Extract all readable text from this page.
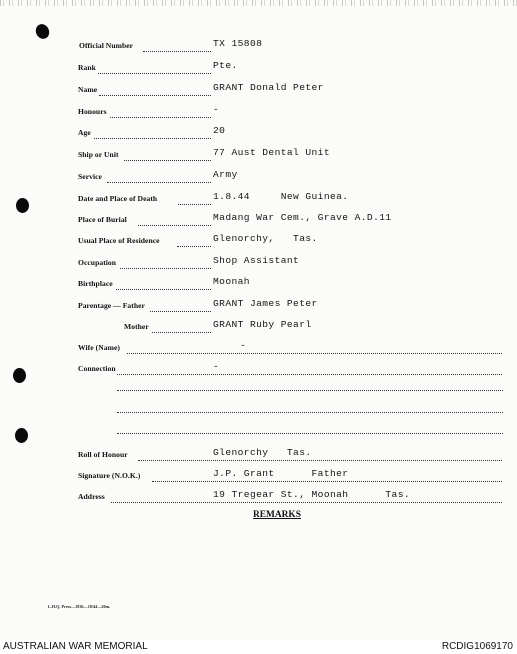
Official Number	TX 15808
Rank	Pte.
Name	GRANT Donald Peter
Honours	-
Age	20
Ship or Unit	77 Aust Dental Unit
Service	Army
Date and Place of Death	1.8.44     New Guinea.
Place of Burial	Madang War Cem., Grave A.D.11
Usual Place of Residence	Glenorchy,   Tas.
Occupation	Shop Assistant
Birthplace	Moonah
Parentage — Father	GRANT James Peter
Mother	GRANT Ruby Pearl
Wife (Name)	-
Connection	-
Roll of Honour	Glenorchy   Tas.
Signature (N.O.K.)	J.P. Grant      Father
Address	19 Tregear St., Moonah      Tas.
REMARKS
L.H.Q. Press—1836—10/44—20m.
AUSTRALIAN WAR MEMORIAL	RCDIG1069170
